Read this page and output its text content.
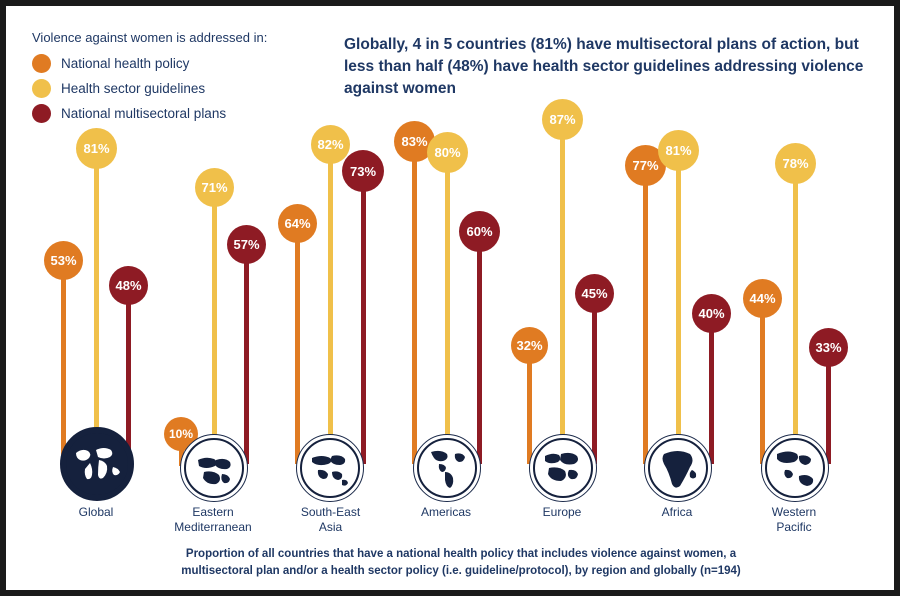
Violence against women is addressed in:
National health policy
Health sector guidelines
National multisectoral plans
Globally, 4 in 5 countries (81%) have multisectoral plans of action, but less than half (48%) have health sector guidelines addressing violence against women
53%
81%
48%
Global
10%
71%
57%
Eastern
Mediterranean
64%
82%
73%
South-East
Asia
83%
80%
60%
Americas
32%
87%
45%
Europe
77%
81%
40%
Africa
44%
78%
33%
Western
Pacific
Proportion of all countries that have a national health policy that includes violence against women, a multisectoral plan and/or a health sector policy (i.e. guideline/protocol), by region and globally (n=194)
